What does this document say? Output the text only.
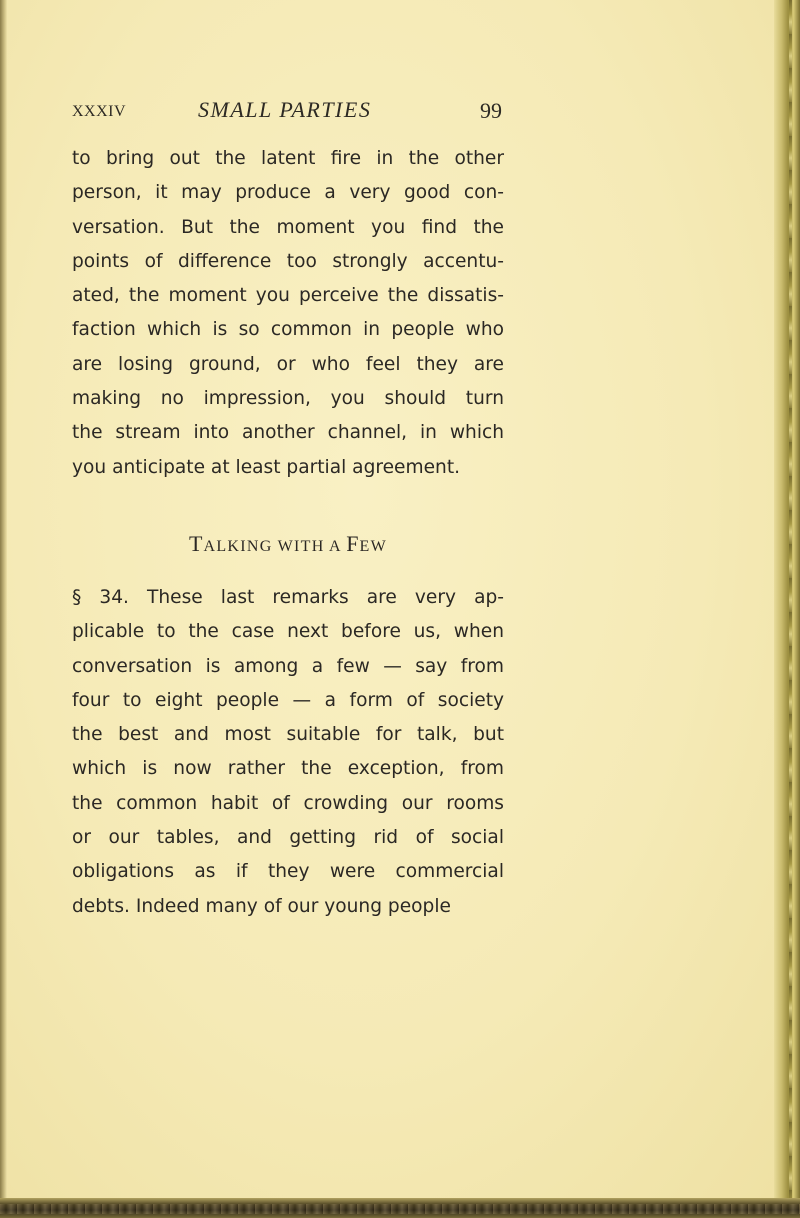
XXXIV	SMALL PARTIES	99
to bring out the latent fire in the other
person, it may produce a very good con-
versation. But the moment you find the
points of difference too strongly accentu-
ated, the moment you perceive the dissatis-
faction which is so common in people who
are losing ground, or who feel they are
making no impression, you should turn
the stream into another channel, in which
you anticipate at least partial agreement.
TALKING WITH A FEW
§ 34. These last remarks are very ap-
plicable to the case next before us, when
conversation is among a few — say from
four to eight people — a form of society
the best and most suitable for talk, but
which is now rather the exception, from
the common habit of crowding our rooms
or our tables, and getting rid of social
obligations as if they were commercial
debts. Indeed many of our young people
